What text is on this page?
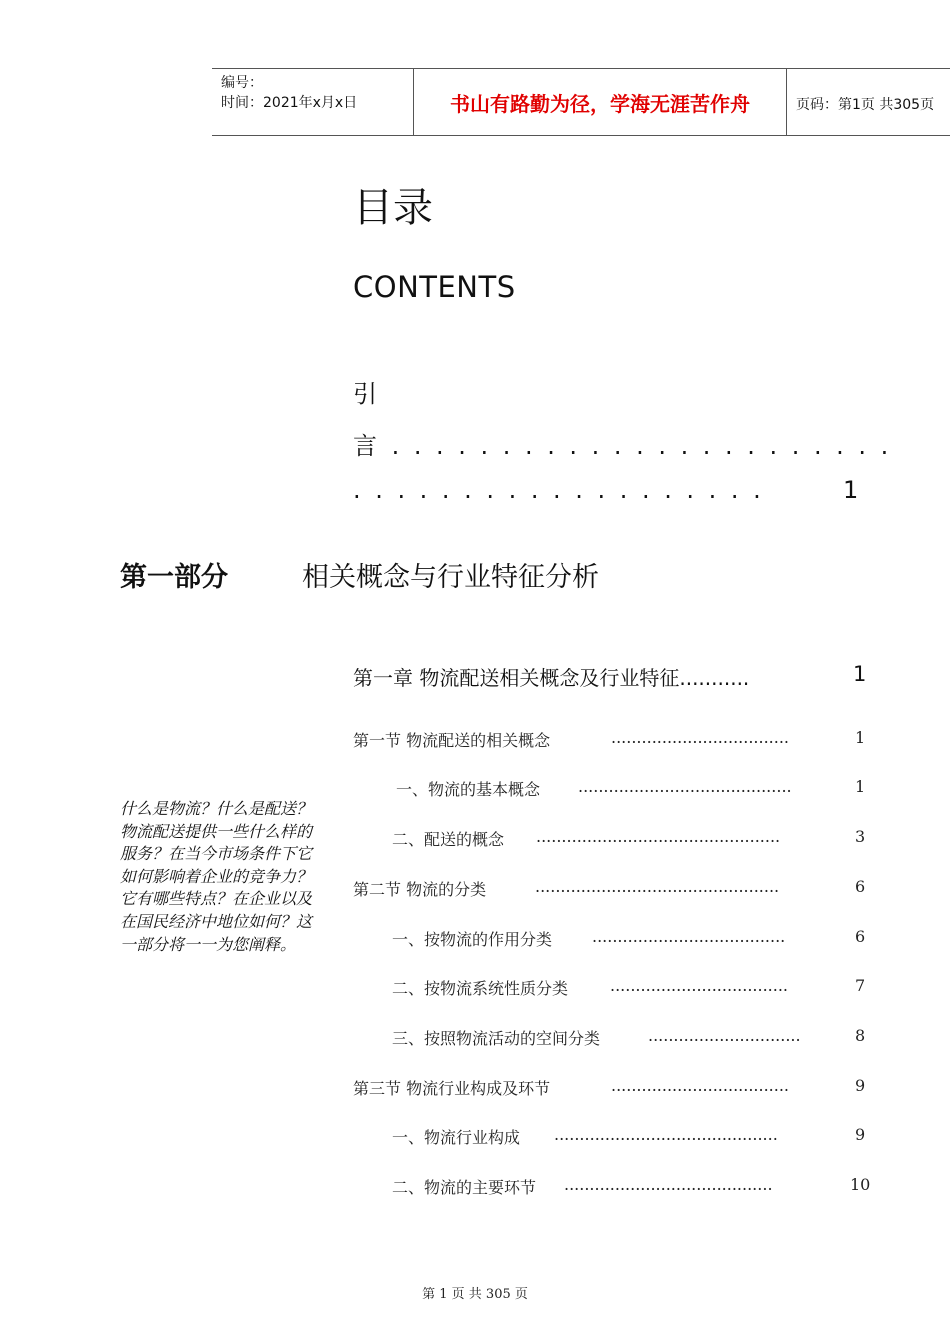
编号：
时间：2021年x月x日	书山有路勤为径，学海无涯苦作舟	页码：第1页 共305页
目录
CONTENTS
引
言.......................
...................	1
第一部分	相关概念与行业特征分析
第一章 物流配送相关概念及行业特征...........	1
什么是物流？什么是配送？物流配送提供一些什么样的服务？在当今市场条件下它如何影响着企业的竞争力？它有哪些特点？在企业以及在国民经济中地位如何？这一部分将一一为您阐释。
第一节 物流配送的相关概念	...................................	1
一、物流的基本概念 ..........................................	1
二、配送的概念 ................................................	3
第二节 物流的分类	................................................	6
一、按物流的作用分类 ......................................	6
二、按物流系统性质分类	...................................	7
三、按照物流活动的空间分类	..............................	8
第三节 物流行业构成及环节	...................................	9
一、物流行业构成 ............................................	9
二、物流的主要环节 .........................................	10
第 1 页 共 305 页
